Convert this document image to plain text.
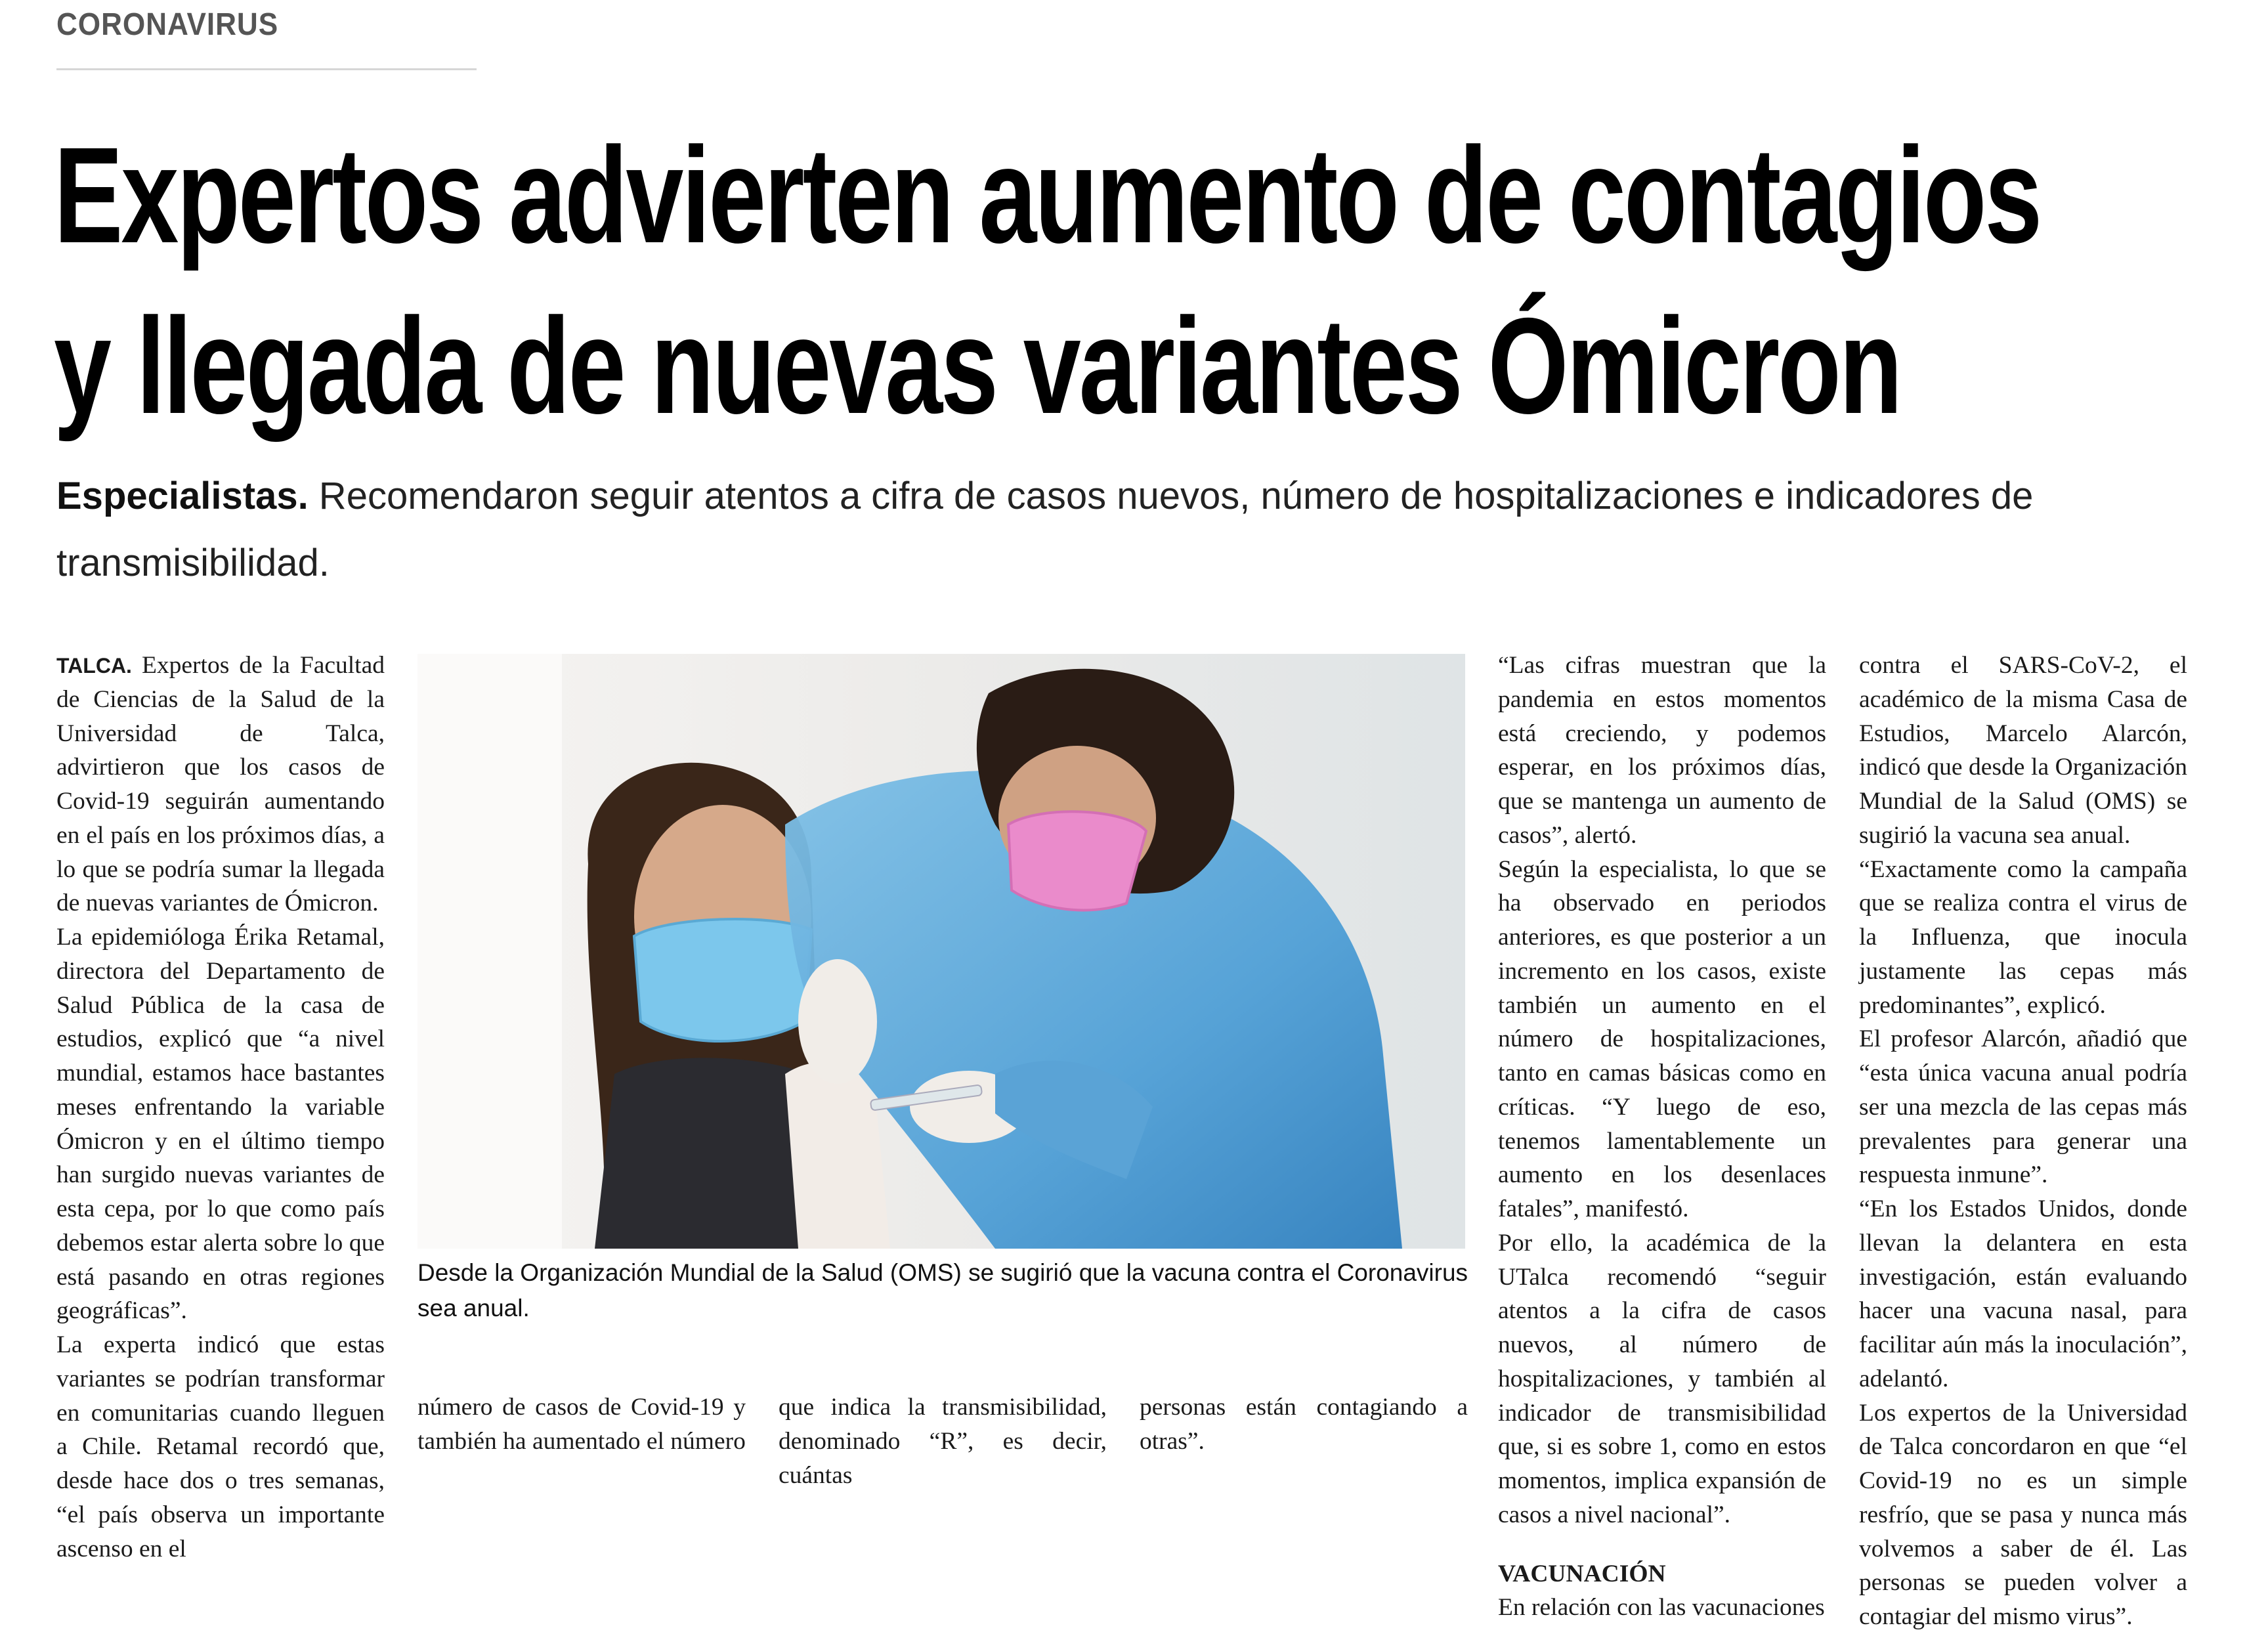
CORONAVIRUS
Expertos advierten aumento de contagios
y llegada de nuevas variantes Ómicron
Especialistas. Recomendaron seguir atentos a cifra de casos nuevos, número de hospitalizaciones e indicadores de transmisibilidad.

TALCA. Expertos de la Facultad de Ciencias de la Salud de la Universidad de Talca, advirtieron que los casos de Covid-19 seguirán aumentando en el país en los próximos días, a lo que se podría sumar la llegada de nuevas variantes de Ómicron.

La epidemióloga Érika Retamal, directora del Departamento de Salud Pública de la casa de estudios, explicó que “a nivel mundial, estamos hace bastantes meses enfrentando la variable Ómicron y en el último tiempo han surgido nuevas variantes de esta cepa, por lo que como país debemos estar alerta sobre lo que está pasando en otras regiones geográficas”.

La experta indicó que estas variantes se podrían transformar en comunitarias cuando lleguen a Chile. Retamal recordó que, desde hace dos o tres semanas, “el país observa un importante ascenso en el

Desde la Organización Mundial de la Salud (OMS) se sugirió que la vacuna contra el Coronavirus sea anual.

número de casos de Covid-19 y también ha aumentado el número

que indica la transmisibilidad, denominado “R”, es decir, cuántas

personas están contagiando a otras”.

“Las cifras muestran que la pandemia en estos momentos está creciendo, y podemos esperar, en los próximos días, que se mantenga un aumento de casos”, alertó.

Según la especialista, lo que se ha observado en periodos anteriores, es que posterior a un incremento en los casos, existe también un aumento en el número de hospitalizaciones, tanto en camas básicas como en críticas. “Y luego de eso, tenemos lamentablemente un aumento en los desenlaces fatales”, manifestó.

Por ello, la académica de la UTalca recomendó “seguir atentos a la cifra de casos nuevos, al número de hospitalizaciones, y también al indicador de transmisibilidad que, si es sobre 1, como en estos momentos, implica expansión de casos a nivel nacional”.

VACUNACIÓN

En relación con las vacunaciones

contra el SARS-CoV-2, el académico de la misma Casa de Estudios, Marcelo Alarcón, indicó que desde la Organización Mundial de la Salud (OMS) se sugirió la vacuna sea anual.

“Exactamente como la campaña que se realiza contra el virus de la Influenza, que inocula justamente las cepas más predominantes”, explicó.

El profesor Alarcón, añadió que “esta única vacuna anual podría ser una mezcla de las cepas más prevalentes para generar una respuesta inmune”.

“En los Estados Unidos, donde llevan la delantera en esta investigación, están evaluando hacer una vacuna nasal, para facilitar aún más la inoculación”, adelantó.

Los expertos de la Universidad de Talca concordaron en que “el Covid-19 no es un simple resfrío, que se pasa y nunca más volvemos a saber de él. Las personas se pueden volver a contagiar del mismo virus”.
